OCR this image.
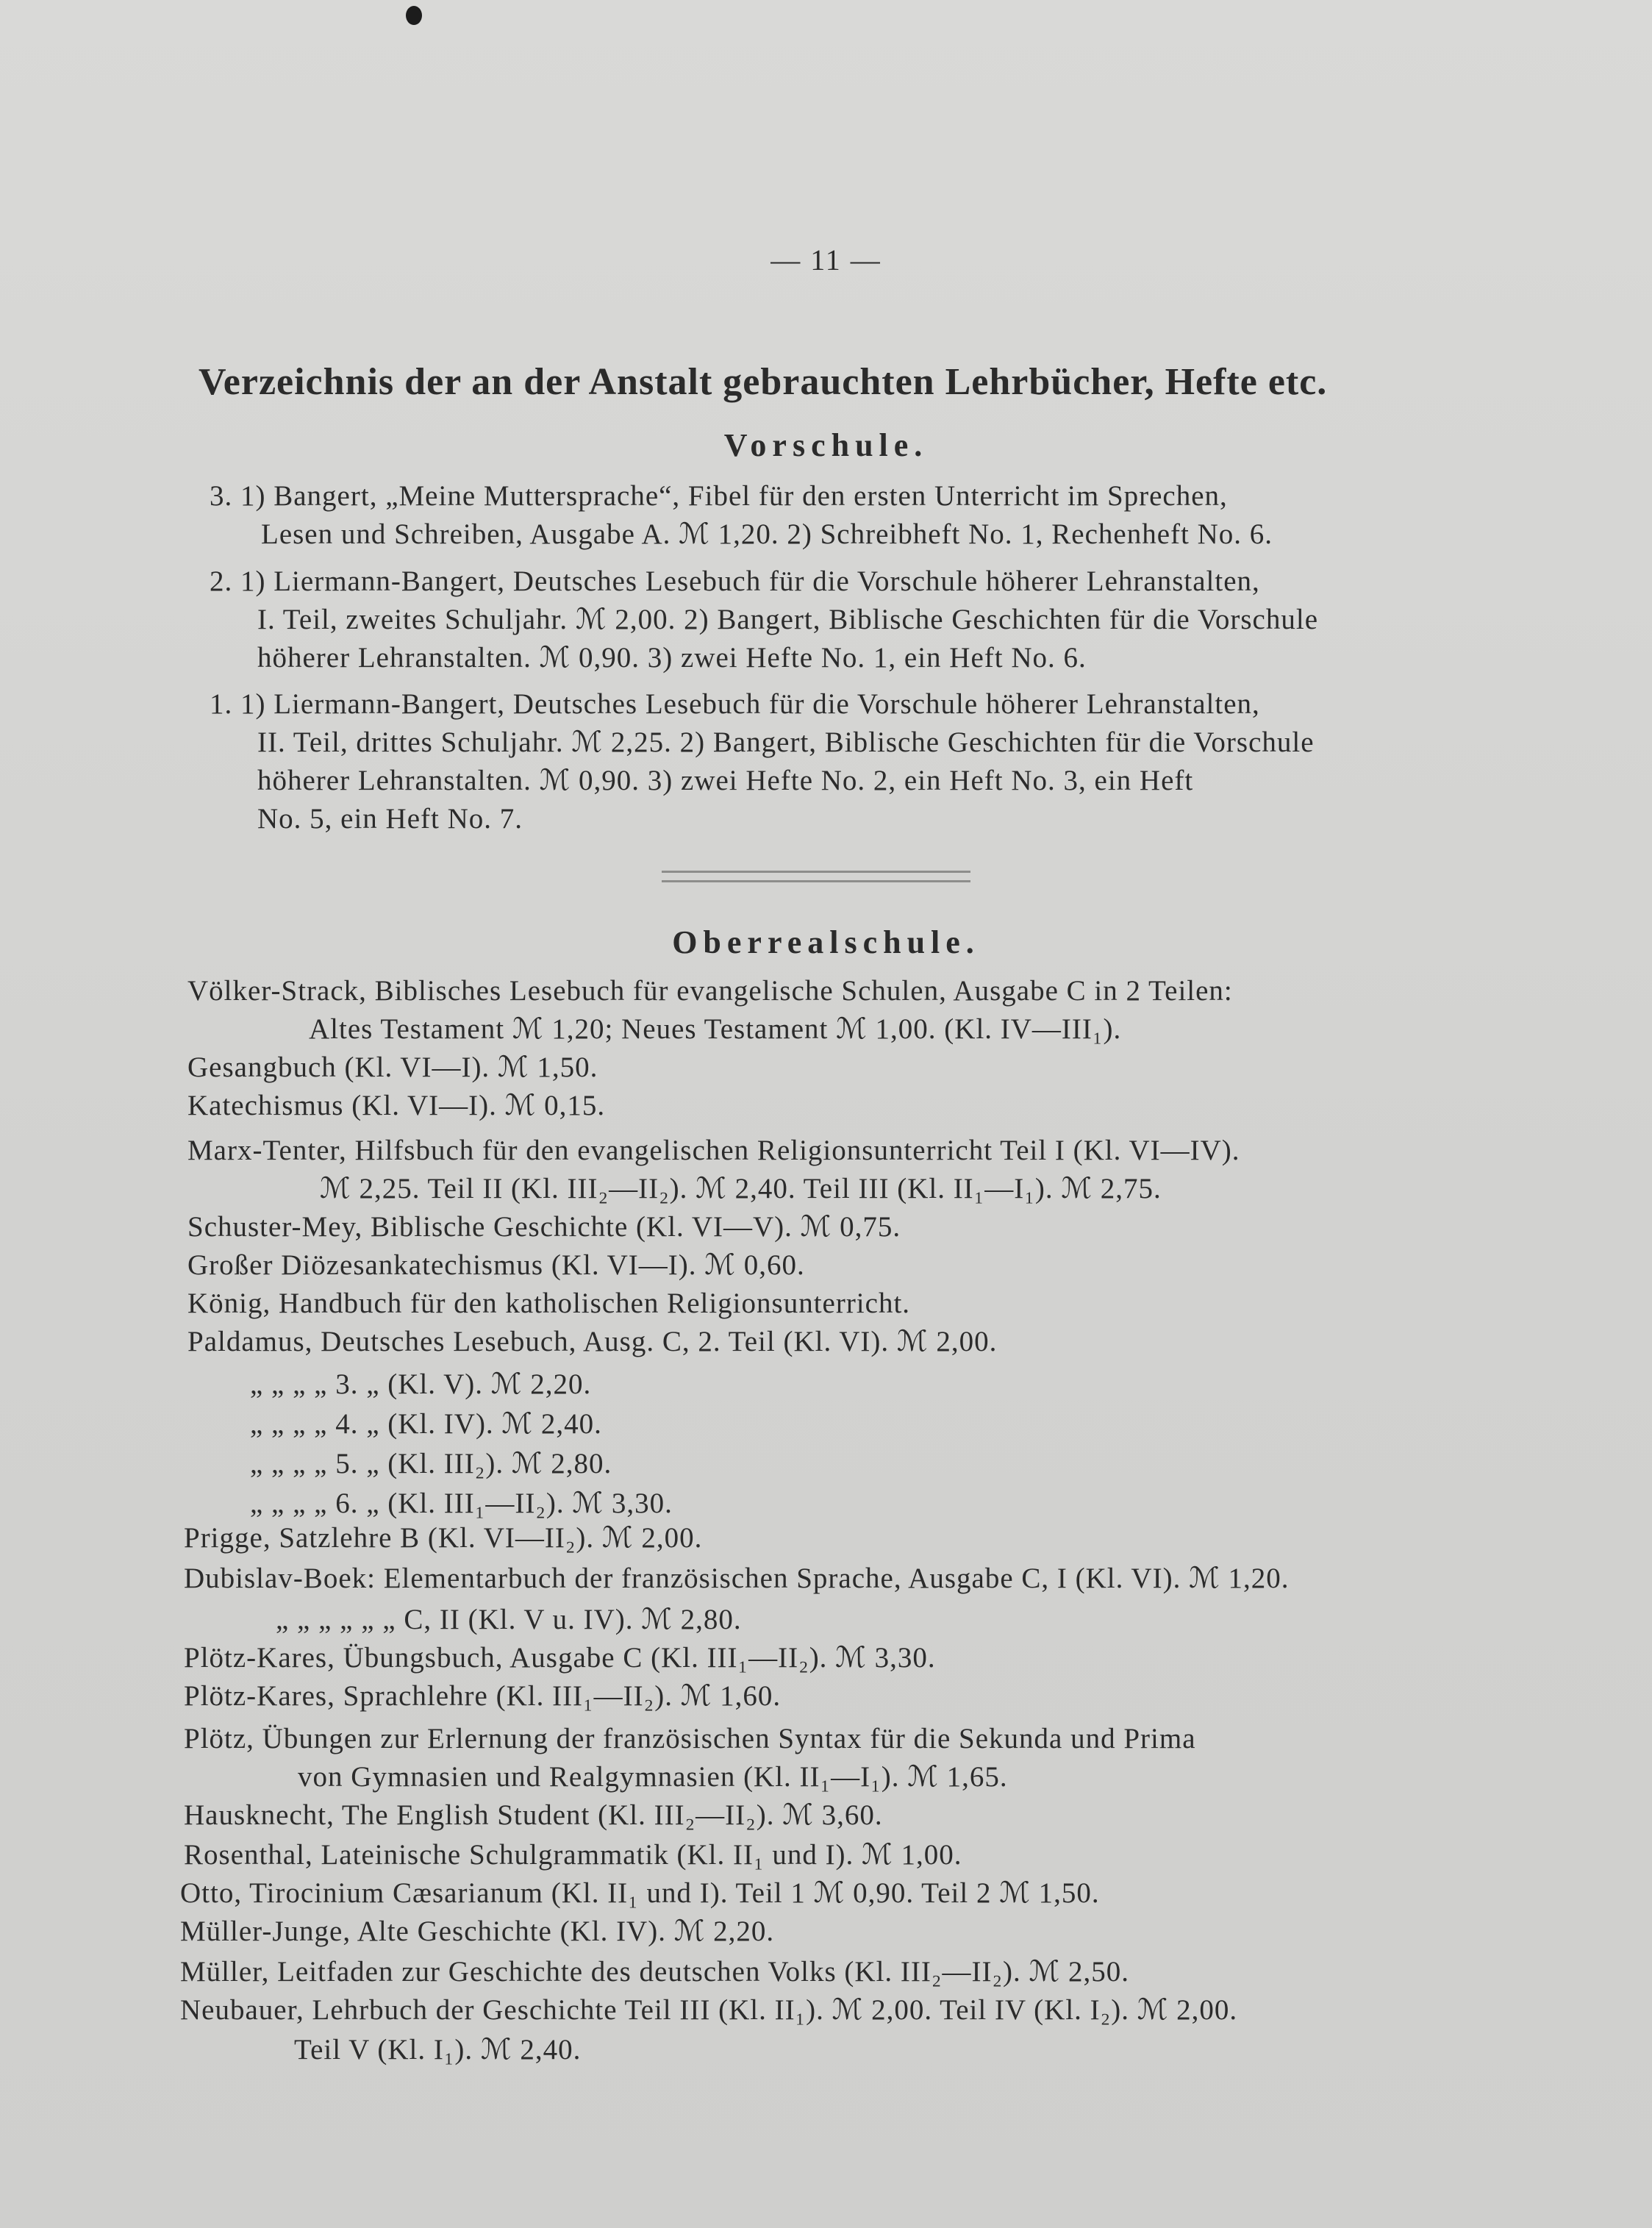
— 11 —
Verzeichnis der an der Anstalt gebrauchten Lehrbücher, Hefte etc.
Vorschule.
3. 1) Bangert, „Meine Muttersprache“, Fibel für den ersten Unterricht im Sprechen,
Lesen und Schreiben, Ausgabe A. ℳ 1,20. 2) Schreibheft No. 1, Rechenheft No. 6.
2. 1) Liermann-Bangert, Deutsches Lesebuch für die Vorschule höherer Lehranstalten,
I. Teil, zweites Schuljahr. ℳ 2,00. 2) Bangert, Biblische Geschichten für die Vorschule
höherer Lehranstalten. ℳ 0,90. 3) zwei Hefte No. 1, ein Heft No. 6.
1. 1) Liermann-Bangert, Deutsches Lesebuch für die Vorschule höherer Lehranstalten,
II. Teil, drittes Schuljahr. ℳ 2,25. 2) Bangert, Biblische Geschichten für die Vorschule
höherer Lehranstalten. ℳ 0,90. 3) zwei Hefte No. 2, ein Heft No. 3, ein Heft
No. 5, ein Heft No. 7.
Oberrealschule.
Völker-Strack, Biblisches Lesebuch für evangelische Schulen, Ausgabe C in 2 Teilen:
Altes Testament ℳ 1,20; Neues Testament ℳ 1,00. (Kl. IV—III₁).
Gesangbuch (Kl. VI—I). ℳ 1,50.
Katechismus (Kl. VI—I). ℳ 0,15.
Marx-Tenter, Hilfsbuch für den evangelischen Religionsunterricht Teil I (Kl. VI—IV).
ℳ 2,25. Teil II (Kl. III₂—II₂). ℳ 2,40. Teil III (Kl. II₁—I₁). ℳ 2,75.
Schuster-Mey, Biblische Geschichte (Kl. VI—V). ℳ 0,75.
Großer Diözesankatechismus (Kl. VI—I). ℳ 0,60.
König, Handbuch für den katholischen Religionsunterricht.
Paldamus, Deutsches Lesebuch, Ausg. C, 2. Teil (Kl. VI). ℳ 2,00.
„ „ „ „ 3. „ (Kl. V). ℳ 2,20.
„ „ „ „ 4. „ (Kl. IV). ℳ 2,40.
„ „ „ „ 5. „ (Kl. III₂). ℳ 2,80.
„ „ „ „ 6. „ (Kl. III₁—II₂). ℳ 3,30.
Prigge, Satzlehre B (Kl. VI—II₂). ℳ 2,00.
Dubislav-Boek: Elementarbuch der französischen Sprache, Ausgabe C, I (Kl. VI). ℳ 1,20.
„ „ „ „ „ „ C, II (Kl. V u. IV). ℳ 2,80.
Plötz-Kares, Übungsbuch, Ausgabe C (Kl. III₁—II₂). ℳ 3,30.
Plötz-Kares, Sprachlehre (Kl. III₁—II₂). ℳ 1,60.
Plötz, Übungen zur Erlernung der französischen Syntax für die Sekunda und Prima
von Gymnasien und Realgymnasien (Kl. II₁—I₁). ℳ 1,65.
Hausknecht, The English Student (Kl. III₂—II₂). ℳ 3,60.
Rosenthal, Lateinische Schulgrammatik (Kl. II₁ und I). ℳ 1,00.
Otto, Tirocinium Cæsarianum (Kl. II₁ und I). Teil 1 ℳ 0,90. Teil 2 ℳ 1,50.
Müller-Junge, Alte Geschichte (Kl. IV). ℳ 2,20.
Müller, Leitfaden zur Geschichte des deutschen Volks (Kl. III₂—II₂). ℳ 2,50.
Neubauer, Lehrbuch der Geschichte Teil III (Kl. II₁). ℳ 2,00. Teil IV (Kl. I₂). ℳ 2,00.
Teil V (Kl. I₁). ℳ 2,40.
